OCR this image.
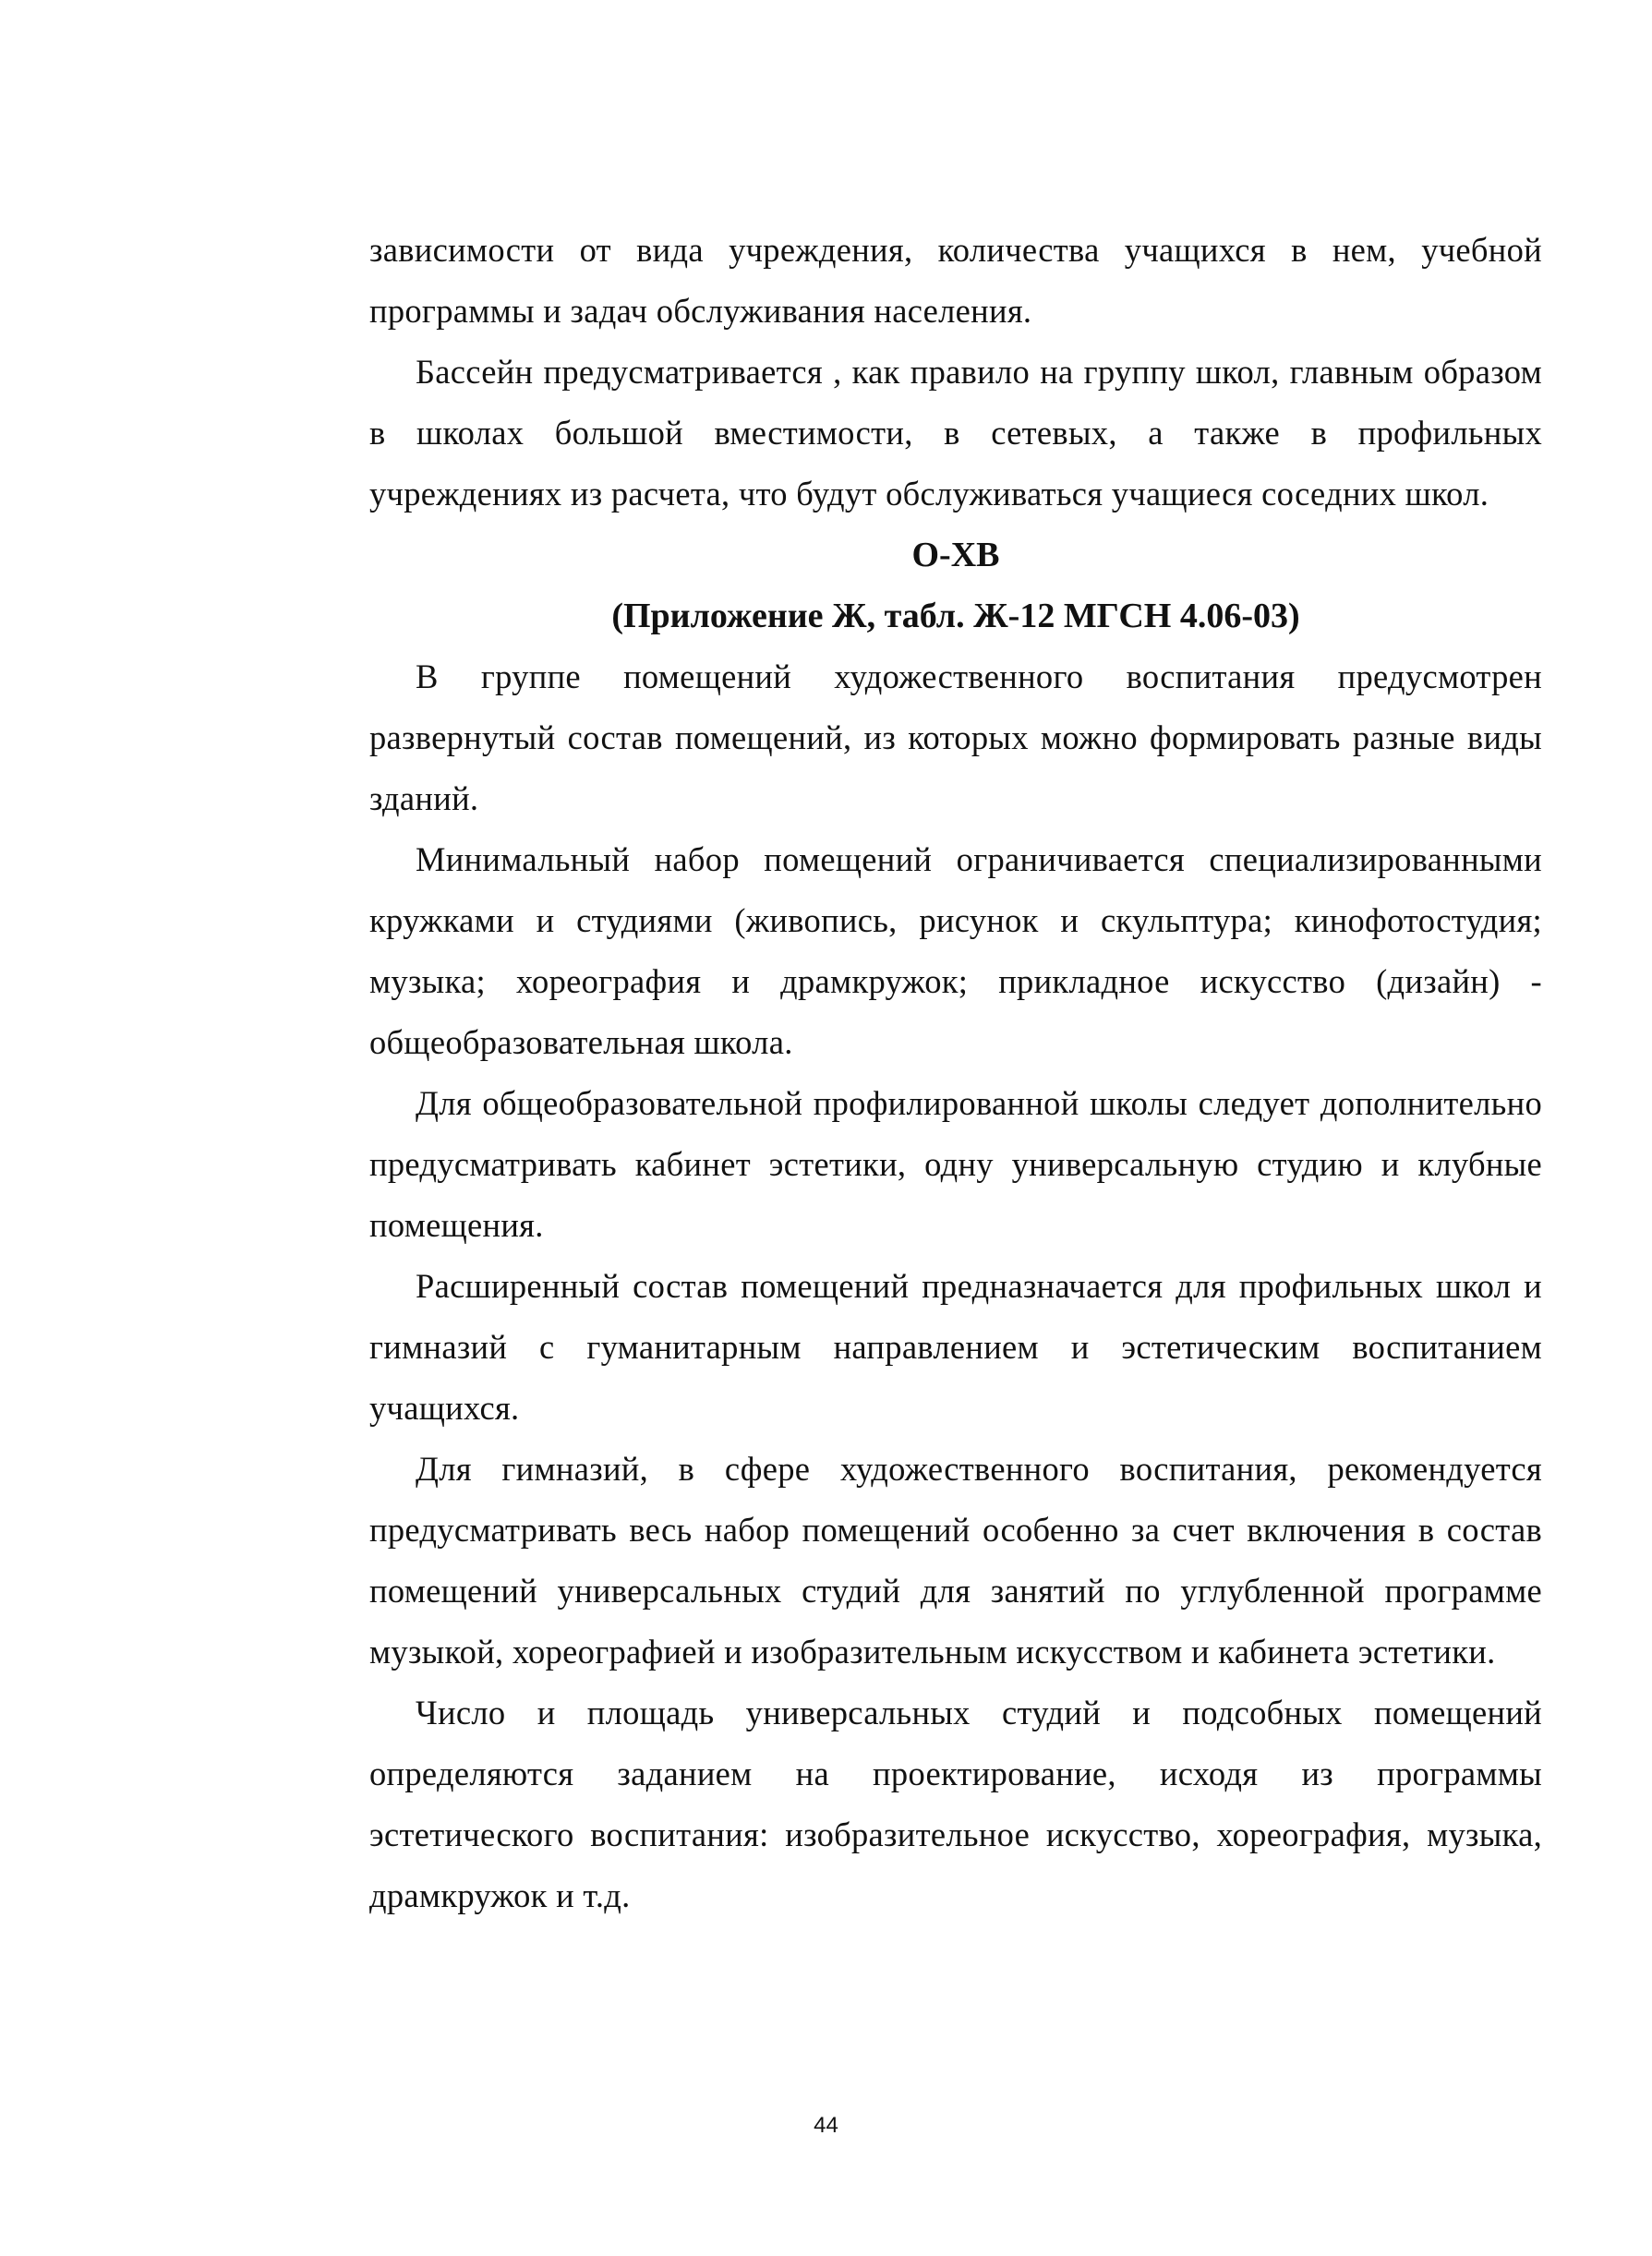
зависимости от вида учреждения, количества учащихся в нем, учебной программы и задач обслуживания населения.

Бассейн предусматривается , как правило на группу школ, главным образом в школах большой вместимости, в сетевых, а также в профильных учреждениях из расчета, что будут обслуживаться учащиеся соседних школ.

О-ХВ

(Приложение Ж, табл. Ж-12 МГСН 4.06-03)

В группе помещений художественного воспитания предусмотрен развернутый состав помещений, из которых можно формировать разные виды зданий.

Минимальный набор помещений ограничивается специализированными кружками и студиями (живопись, рисунок и скульптура; кинофотостудия; музыка; хореография и драмкружок; прикладное искусство (дизайн) - общеобразовательная школа.

Для общеобразовательной профилированной школы следует дополнительно предусматривать кабинет эстетики, одну универсальную студию и клубные помещения.

Расширенный состав помещений предназначается для профильных школ и гимназий с гуманитарным направлением и эстетическим воспитанием учащихся.

Для гимназий, в сфере художественного воспитания, рекомендуется предусматривать весь набор помещений особенно за счет включения в состав помещений универсальных студий для занятий по углубленной программе музыкой, хореографией и изобразительным искусством и кабинета эстетики.

Число и площадь универсальных студий и подсобных помещений определяются заданием на проектирование, исходя из программы эстетического воспитания: изобразительное искусство, хореография, музыка, драмкружок и т.д.

44
